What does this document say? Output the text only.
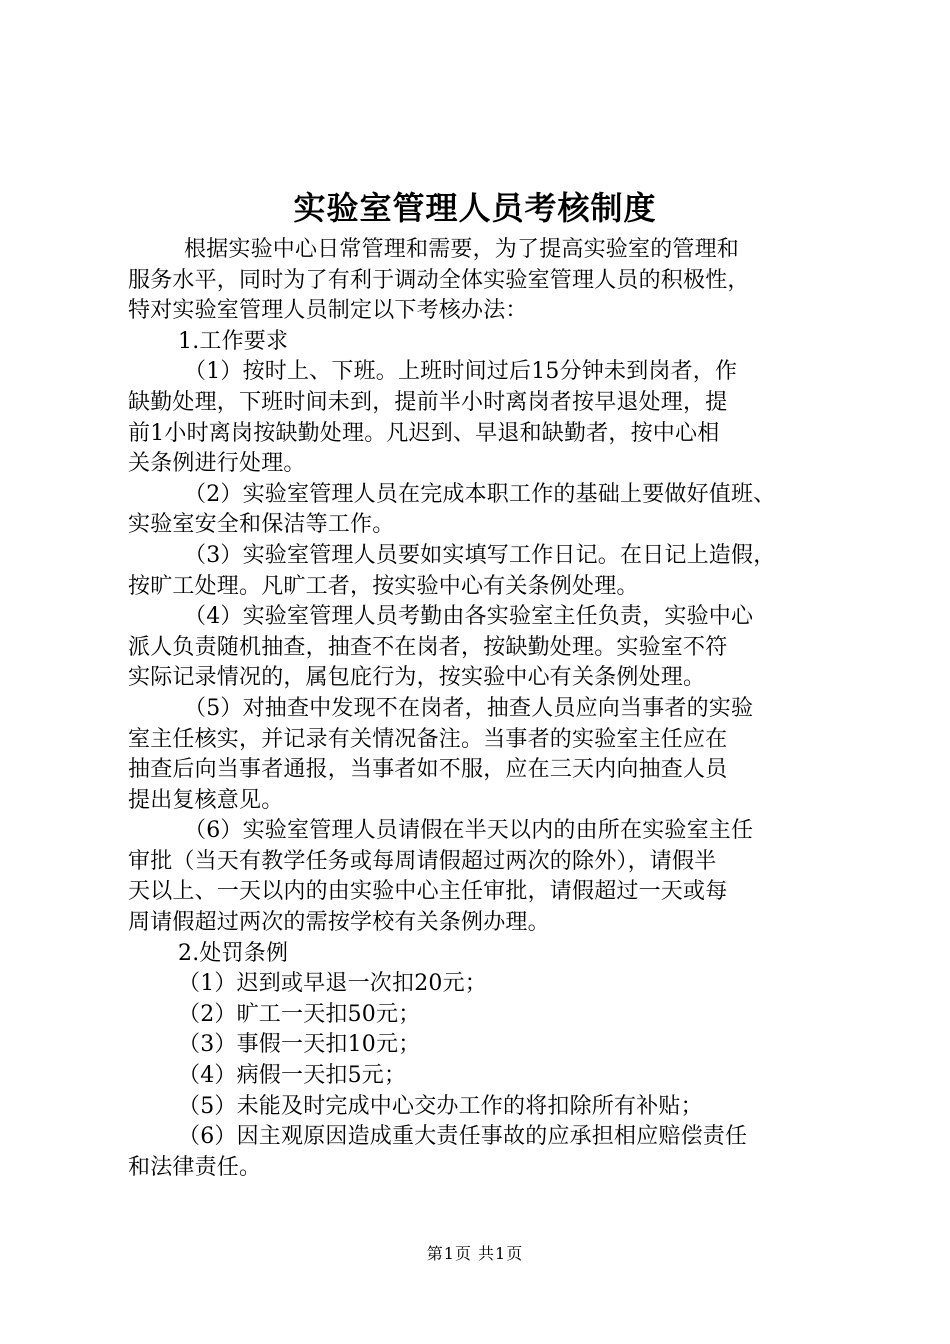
实验室管理人员考核制度

根据实验中心日常管理和需要，为了提高实验室的管理和

服务水平，同时为了有利于调动全体实验室管理人员的积极性，

特对实验室管理人员制定以下考核办法：

1.工作要求

（1）按时上、下班。上班时间过后15分钟未到岗者，作

缺勤处理，下班时间未到，提前半小时离岗者按早退处理，提

前1小时离岗按缺勤处理。凡迟到、早退和缺勤者，按中心相

关条例进行处理。

（2）实验室管理人员在完成本职工作的基础上要做好值班、

实验室安全和保洁等工作。

（3）实验室管理人员要如实填写工作日记。在日记上造假，

按旷工处理。凡旷工者，按实验中心有关条例处理。

（4）实验室管理人员考勤由各实验室主任负责，实验中心

派人负责随机抽查，抽查不在岗者，按缺勤处理。实验室不符

实际记录情况的，属包庇行为，按实验中心有关条例处理。

（5）对抽查中发现不在岗者，抽查人员应向当事者的实验

室主任核实，并记录有关情况备注。当事者的实验室主任应在

抽查后向当事者通报，当事者如不服，应在三天内向抽查人员

提出复核意见。

（6）实验室管理人员请假在半天以内的由所在实验室主任

审批（当天有教学任务或每周请假超过两次的除外），请假半

天以上、一天以内的由实验中心主任审批，请假超过一天或每

周请假超过两次的需按学校有关条例办理。

2.处罚条例

（1）迟到或早退一次扣20元；

（2）旷工一天扣50元；

（3）事假一天扣10元；

（4）病假一天扣5元；

（5）未能及时完成中心交办工作的将扣除所有补贴；

（6）因主观原因造成重大责任事故的应承担相应赔偿责任

和法律责任。

第1页 共1页
